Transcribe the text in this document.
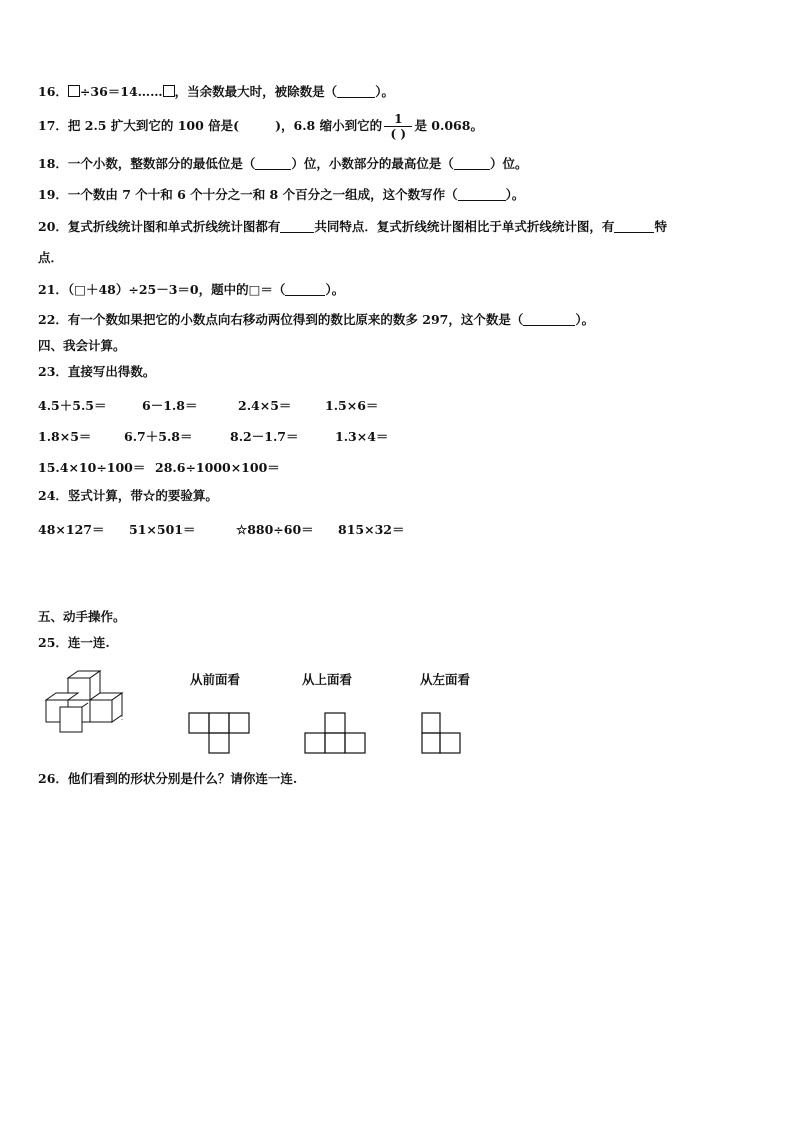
16． ÷36＝14…… ，当余数最大时，被除数是（	）。
17．把 2.5 扩大到它的 100 倍是(	)，6.8 缩小到它的 $\frac{1}{( )}$ 是 0.068。
18．一个小数，整数部分的最低位是（	）位，小数部分的最高位是（	）位。
19．一个数由 7 个十和 6 个十分之一和 8 个百分之一组成，这个数写作（	）。
20．复式折线统计图和单式折线统计图都有	共同特点．复式折线统计图相比于单式折线统计图，有	特
点．
21．（□＋48）÷25－3＝0，题中的□＝（	）。
22．有一个数如果把它的小数点向右移动两位得到的数比原来的数多 297，这个数是（	）。
四、我会计算。
23．直接写出得数。
4.5＋5.5＝	6－1.8＝	2.4×5＝	1.5×6＝
1.8×5＝	6.7＋5.8＝	8.2－1.7＝	1.3×4＝
15.4×10÷100＝ 28.6÷1000×100＝
24．竖式计算，带☆的要验算。
48×127＝ 51×501＝	☆880÷60＝ 815×32＝
五、动手操作。
25．连一连.
从前面看	从上面看	从左面看
26．他们看到的形状分别是什么？请你连一连.
